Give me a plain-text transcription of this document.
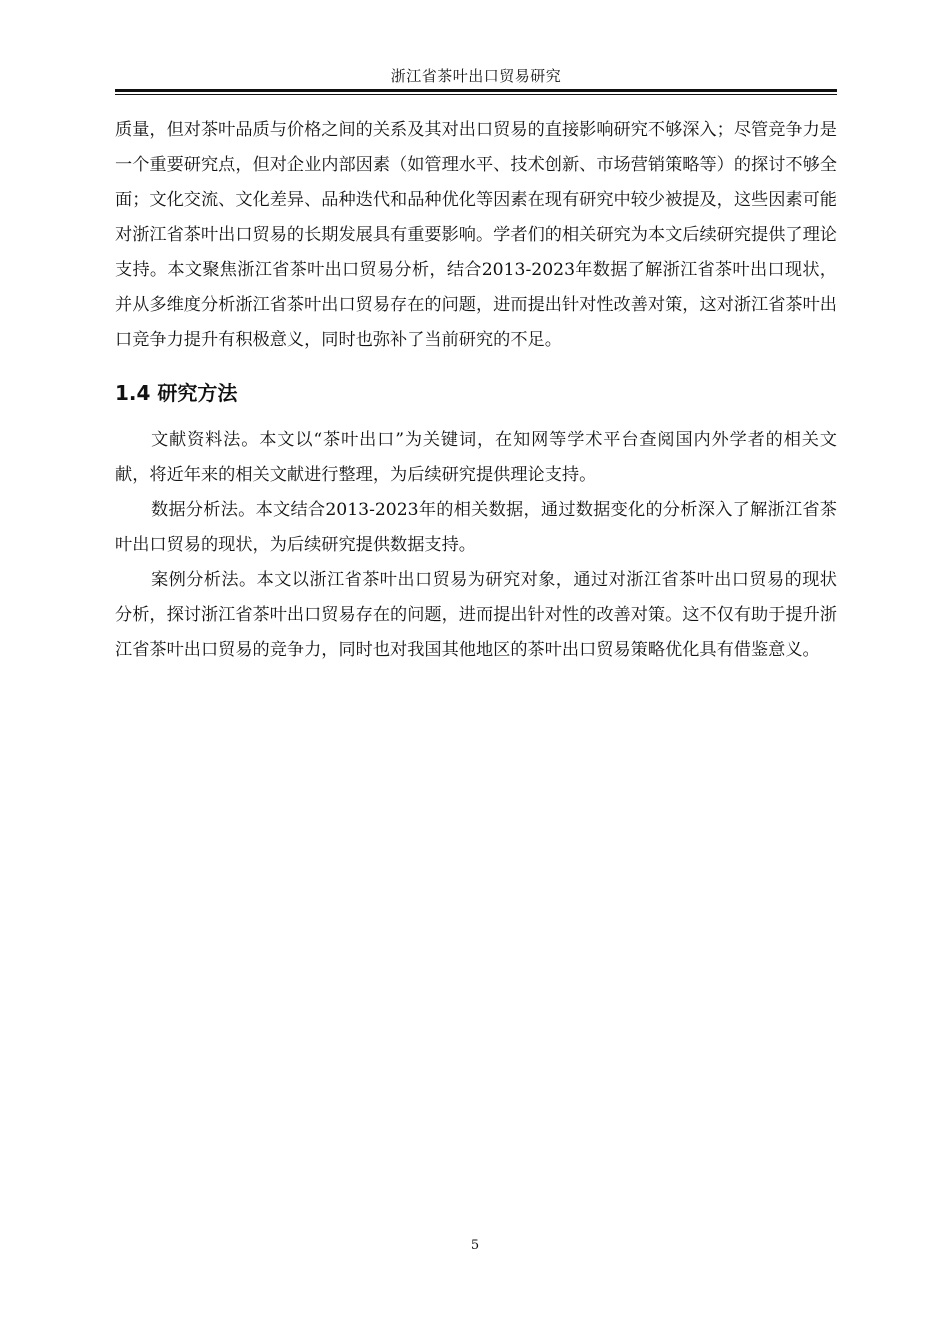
浙江省茶叶出口贸易研究

质量，但对茶叶品质与价格之间的关系及其对出口贸易的直接影响研究不够深入；尽管竞争力是一个重要研究点，但对企业内部因素（如管理水平、技术创新、市场营销策略等）的探讨不够全面；文化交流、文化差异、品种迭代和品种优化等因素在现有研究中较少被提及，这些因素可能对浙江省茶叶出口贸易的长期发展具有重要影响。学者们的相关研究为本文后续研究提供了理论支持。本文聚焦浙江省茶叶出口贸易分析，结合2013-2023年数据了解浙江省茶叶出口现状，并从多维度分析浙江省茶叶出口贸易存在的问题，进而提出针对性改善对策，这对浙江省茶叶出口竞争力提升有积极意义，同时也弥补了当前研究的不足。

1.4 研究方法

文献资料法。本文以“茶叶出口”为关键词，在知网等学术平台查阅国内外学者的相关文献，将近年来的相关文献进行整理，为后续研究提供理论支持。

数据分析法。本文结合2013-2023年的相关数据，通过数据变化的分析深入了解浙江省茶叶出口贸易的现状，为后续研究提供数据支持。

案例分析法。本文以浙江省茶叶出口贸易为研究对象，通过对浙江省茶叶出口贸易的现状分析，探讨浙江省茶叶出口贸易存在的问题，进而提出针对性的改善对策。这不仅有助于提升浙江省茶叶出口贸易的竞争力，同时也对我国其他地区的茶叶出口贸易策略优化具有借鉴意义。

5
